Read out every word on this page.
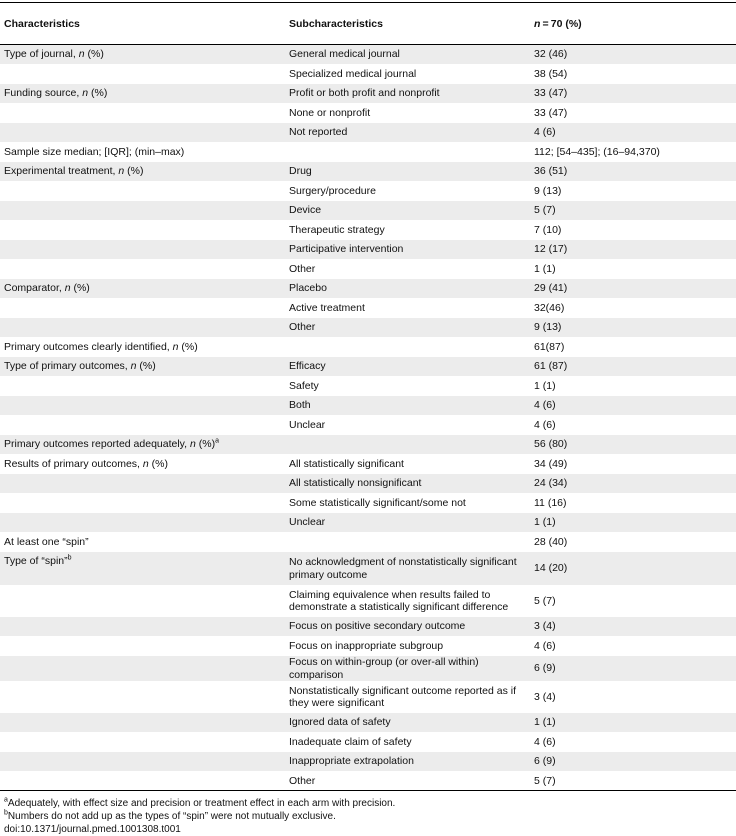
Characteristics	Subcharacteristics	n = 70 (%)
Type of journal, n (%)	General medical journal	32 (46)
	Specialized medical journal	38 (54)
Funding source, n (%)	Profit or both profit and nonprofit	33 (47)
	None or nonprofit	33 (47)
	Not reported	4 (6)
Sample size median; [IQR]; (min–max)		112; [54–435]; (16–94,370)
Experimental treatment, n (%)	Drug	36 (51)
	Surgery/procedure	9 (13)
	Device	5 (7)
	Therapeutic strategy	7 (10)
	Participative intervention	12 (17)
	Other	1 (1)
Comparator, n (%)	Placebo	29 (41)
	Active treatment	32(46)
	Other	9 (13)
Primary outcomes clearly identified, n (%)		61(87)
Type of primary outcomes, n (%)	Efficacy	61 (87)
	Safety	1 (1)
	Both	4 (6)
	Unclear	4 (6)
Primary outcomes reported adequately, n (%)$^a$		56 (80)
Results of primary outcomes, n (%)	All statistically significant	34 (49)
	All statistically nonsignificant	24 (34)
	Some statistically significant/some not	11 (16)
	Unclear	1 (1)
At least one “spin”		28 (40)
Type of “spin”$^b$	No acknowledgment of nonstatistically significant primary outcome	14 (20)
	Claiming equivalence when results failed to demonstrate a statistically significant difference	5 (7)
	Focus on positive secondary outcome	3 (4)
	Focus on inappropriate subgroup	4 (6)
	Focus on within-group (or over-all within) comparison	6 (9)
	Nonstatistically significant outcome reported as if they were significant	3 (4)
	Ignored data of safety	1 (1)
	Inadequate claim of safety	4 (6)
	Inappropriate extrapolation	6 (9)
	Other	5 (7)
$^a$Adequately, with effect size and precision or treatment effect in each arm with precision.
$^b$Numbers do not add up as the types of “spin” were not mutually exclusive.
doi:10.1371/journal.pmed.1001308.t001
